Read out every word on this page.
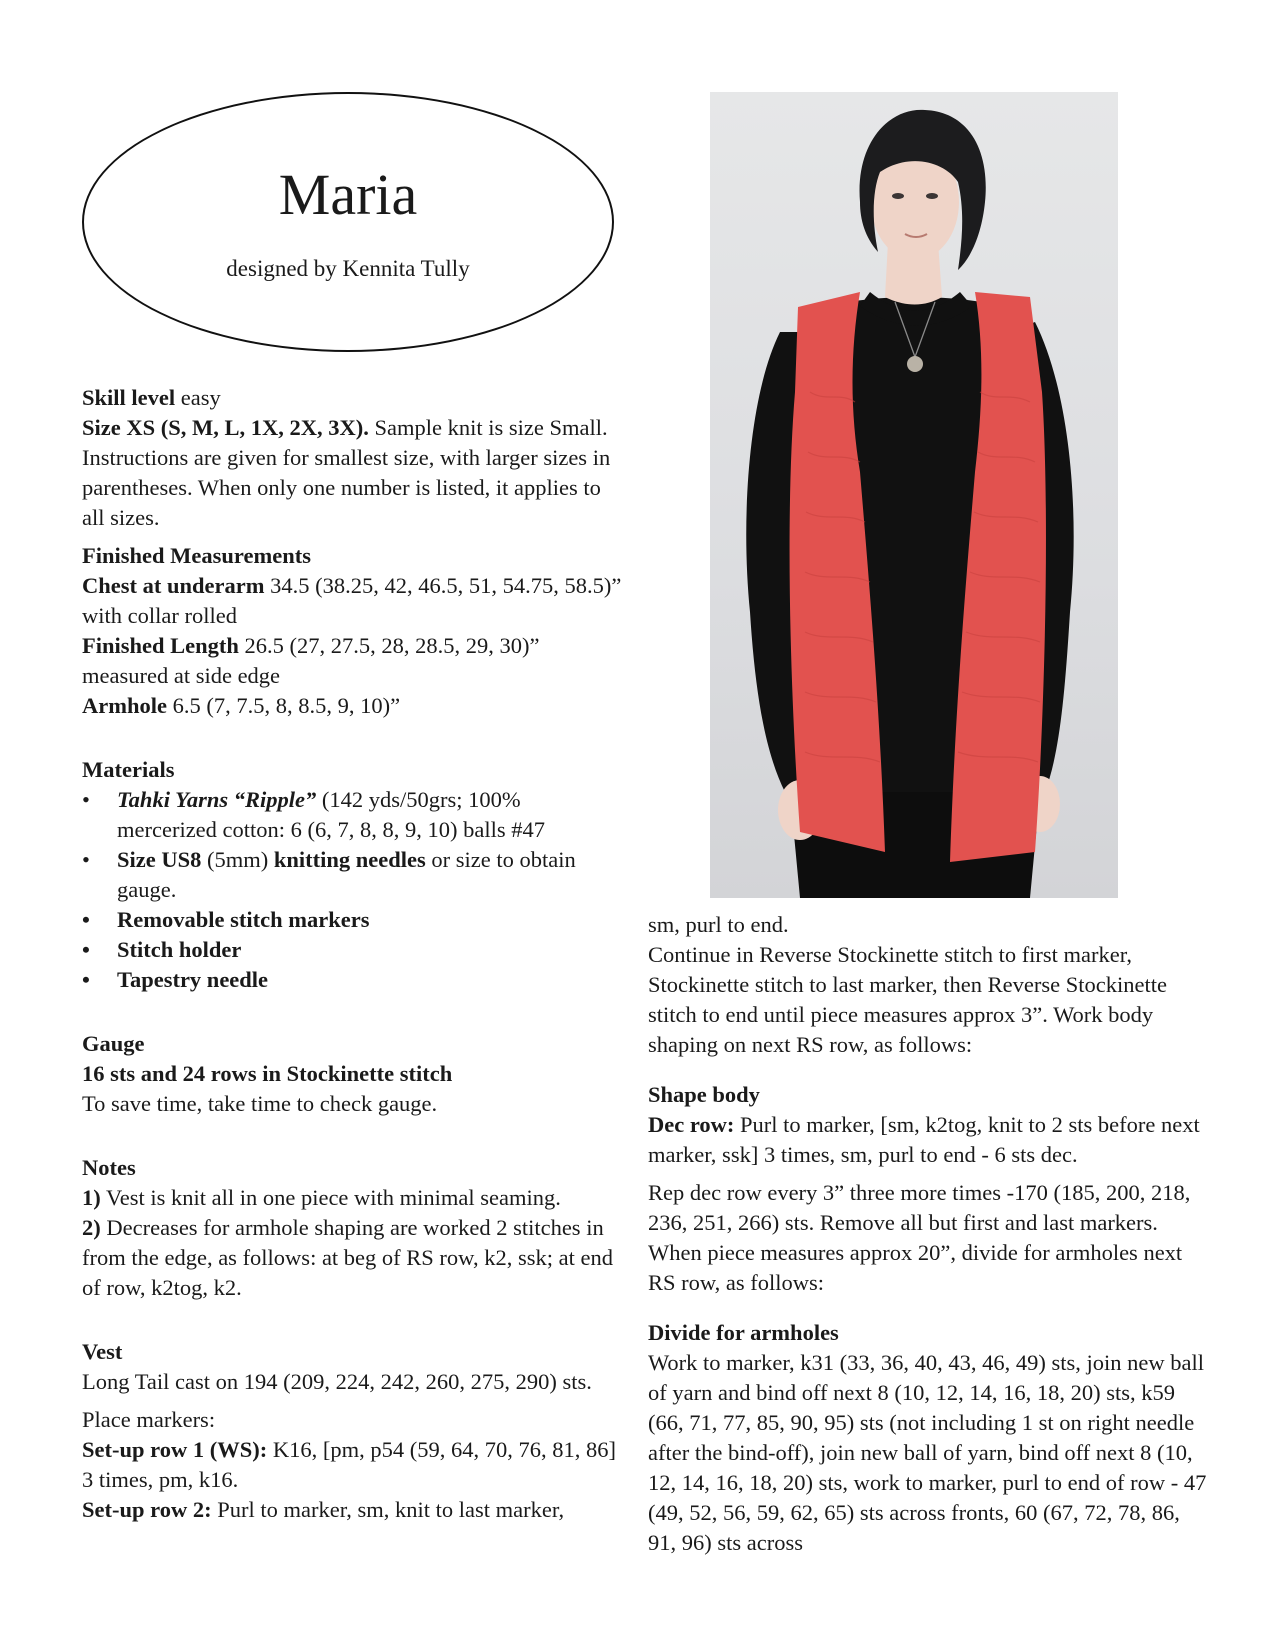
Maria
designed by Kennita Tully

Skill level easy

Size XS (S, M, L, 1X, 2X, 3X). Sample knit is size Small. Instructions are given for smallest size, with larger sizes in parentheses. When only one number is listed, it applies to all sizes.

Finished Measurements

Chest at underarm 34.5 (38.25, 42, 46.5, 51, 54.75, 58.5)” with collar rolled

Finished Length 26.5 (27, 27.5, 28, 28.5, 29, 30)” measured at side edge

Armhole 6.5 (7, 7.5, 8, 8.5, 9, 10)”

Materials

• Tahki Yarns “Ripple” (142 yds/50grs; 100% mercerized cotton: 6 (6, 7, 8, 8, 9, 10) balls #47
• Size US8 (5mm) knitting needles or size to obtain gauge.
• Removable stitch markers
• Stitch holder
• Tapestry needle

Gauge

16 sts and 24 rows in Stockinette stitch

To save time, take time to check gauge.

Notes

1) Vest is knit all in one piece with minimal seaming.

2) Decreases for armhole shaping are worked 2 stitches in from the edge, as follows: at beg of RS row, k2, ssk; at end of row, k2tog, k2.

Vest

Long Tail cast on 194 (209, 224, 242, 260, 275, 290) sts.

Place markers:

Set-up row 1 (WS): K16, [pm, p54 (59, 64, 70, 76, 81, 86] 3 times, pm, k16.

Set-up row 2: Purl to marker, sm, knit to last marker,

sm, purl to end.

Continue in Reverse Stockinette stitch to first marker, Stockinette stitch to last marker, then Reverse Stockinette stitch to end until piece measures approx 3”. Work body shaping on next RS row, as follows:

Shape body

Dec row: Purl to marker, [sm, k2tog, knit to 2 sts before next marker, ssk] 3 times, sm, purl to end - 6 sts dec.

Rep dec row every 3” three more times -170 (185, 200, 218, 236, 251, 266) sts. Remove all but first and last markers. When piece measures approx 20”, divide for armholes next RS row, as follows:

Divide for armholes

Work to marker, k31 (33, 36, 40, 43, 46, 49) sts, join new ball of yarn and bind off next 8 (10, 12, 14, 16, 18, 20) sts, k59 (66, 71, 77, 85, 90, 95) sts (not including 1 st on right needle after the bind-off), join new ball of yarn, bind off next 8 (10, 12, 14, 16, 18, 20) sts, work to marker, purl to end of row - 47 (49, 52, 56, 59, 62, 65) sts across fronts, 60 (67, 72, 78, 86, 91, 96) sts across
